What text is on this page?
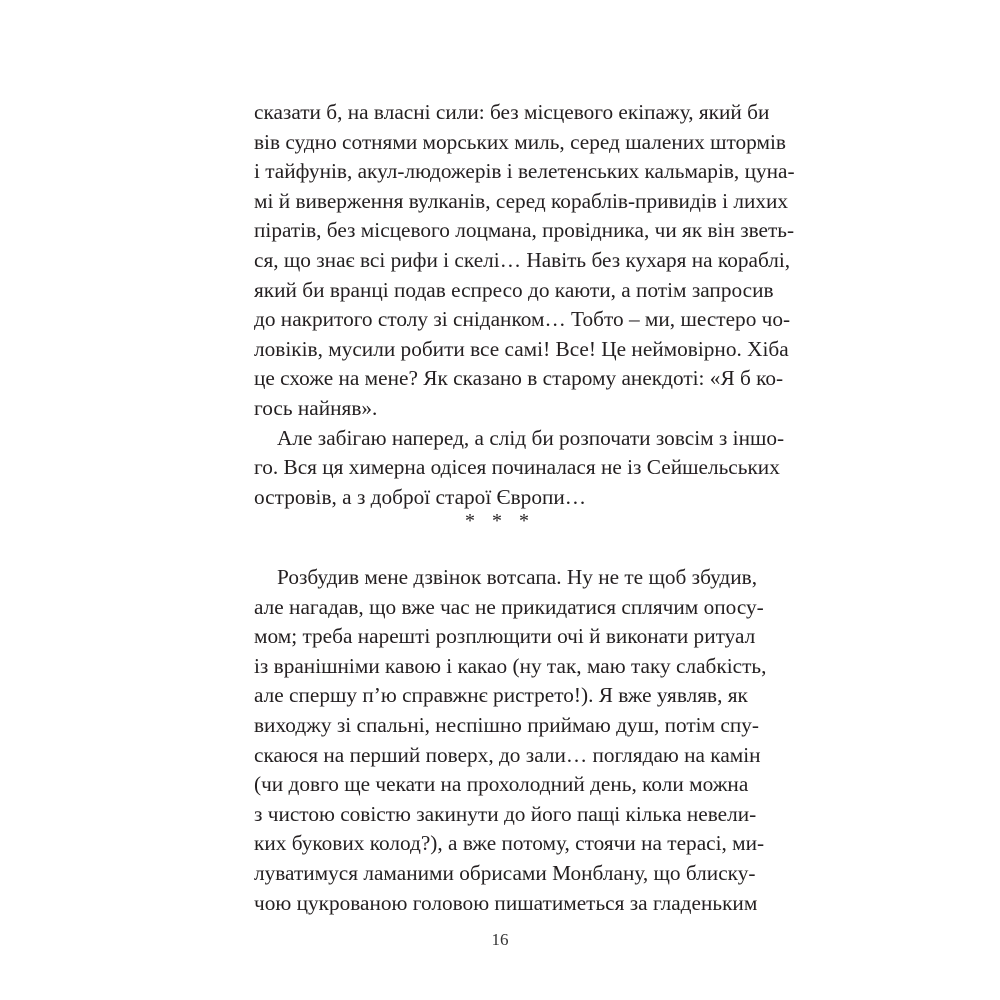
сказати б, на власні сили: без місцевого екіпажу, який би
вів судно сотнями морських миль, серед шалених штормів
і тайфунів, акул-людожерів і велетенських кальмарів, цуна-
мі й виверження вулканів, серед кораблів-привидів і лихих
піратів, без місцевого лоцмана, провідника, чи як він зветь-
ся, що знає всі рифи і скелі… Навіть без кухаря на кораблі,
який би вранці подав еспресо до каюти, а потім запросив
до накритого столу зі сніданком… Тобто – ми, шестеро чо-
ловіків, мусили робити все самі! Все! Це неймовірно. Хіба
це схоже на мене? Як сказано в старому анекдоті: «Я б ко-
гось найняв».
Але забігаю наперед, а слід би розпочати зовсім з іншо-
го. Вся ця химерна одісея починалася не із Сейшельських
островів, а з доброї старої Європи…
* * *
Розбудив мене дзвінок вотсапа. Ну не те щоб збудив,
але нагадав, що вже час не прикидатися сплячим опосу-
мом; треба нарешті розплющити очі й виконати ритуал
із вранішніми кавою і какао (ну так, маю таку слабкість,
але спершу п’ю справжнє ристрето!). Я вже уявляв, як
виходжу зі спальні, неспішно приймаю душ, потім спу-
скаюся на перший поверх, до зали… поглядаю на камін
(чи довго ще чекати на прохолодний день, коли можна
з чистою совістю закинути до його пащі кілька невели-
ких букових колод?), а вже потому, стоячи на терасі, ми-
луватимуся ламаними обрисами Монблану, що блиску-
чою цукрованою головою пишатиметься за гладеньким
16
